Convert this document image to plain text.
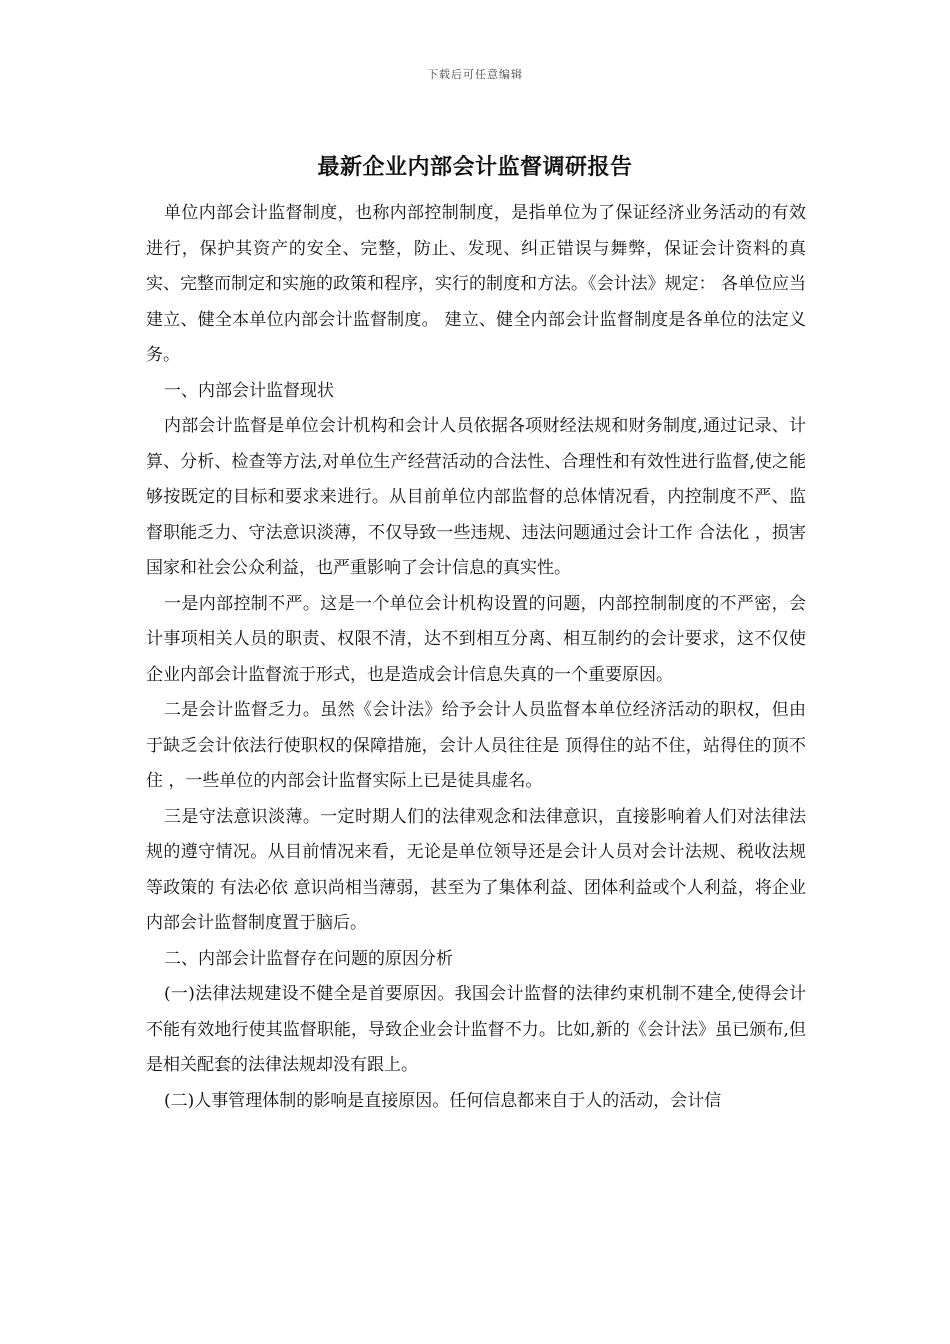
下载后可任意编辑
最新企业内部会计监督调研报告

单位内部会计监督制度，也称内部控制制度，是指单位为了保证经济业务活动的有效进行，保护其资产的安全、完整，防止、发现、纠正错误与舞弊，保证会计资料的真实、完整而制定和实施的政策和程序，实行的制度和方法。《会计法》规定： 各单位应当建立、健全本单位内部会计监督制度。 建立、健全内部会计监督制度是各单位的法定义务。

一、内部会计监督现状

内部会计监督是单位会计机构和会计人员依据各项财经法规和财务制度,通过记录、计算、分析、检查等方法,对单位生产经营活动的合法性、合理性和有效性进行监督,使之能够按既定的目标和要求来进行。从目前单位内部监督的总体情况看，内控制度不严、监督职能乏力、守法意识淡薄，不仅导致一些违规、违法问题通过会计工作 合法化 ，损害国家和社会公众利益，也严重影响了会计信息的真实性。

一是内部控制不严。这是一个单位会计机构设置的问题，内部控制制度的不严密，会计事项相关人员的职责、权限不清，达不到相互分离、相互制约的会计要求，这不仅使企业内部会计监督流于形式，也是造成会计信息失真的一个重要原因。

二是会计监督乏力。虽然《会计法》给予会计人员监督本单位经济活动的职权，但由于缺乏会计依法行使职权的保障措施，会计人员往往是 顶得住的站不住，站得住的顶不住 ，一些单位的内部会计监督实际上已是徒具虚名。

三是守法意识淡薄。一定时期人们的法律观念和法律意识，直接影响着人们对法律法规的遵守情况。从目前情况来看，无论是单位领导还是会计人员对会计法规、税收法规等政策的 有法必依 意识尚相当薄弱，甚至为了集体利益、团体利益或个人利益，将企业内部会计监督制度置于脑后。

二、内部会计监督存在问题的原因分析

(一)法律法规建设不健全是首要原因。我国会计监督的法律约束机制不建全,使得会计不能有效地行使其监督职能，导致企业会计监督不力。比如,新的《会计法》虽已颁布,但是相关配套的法律法规却没有跟上。

(二)人事管理体制的影响是直接原因。任何信息都来自于人的活动，会计信
